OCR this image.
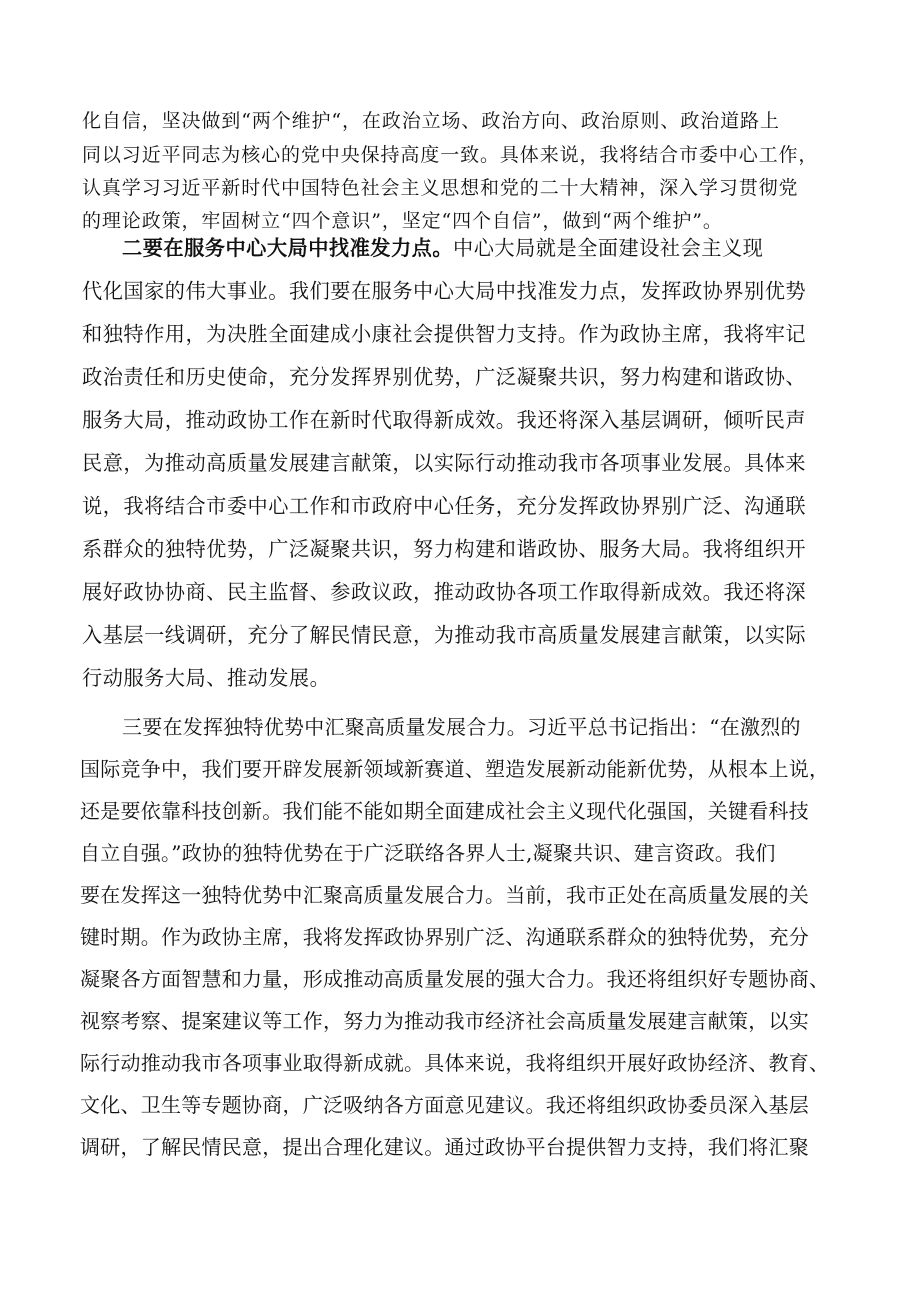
化自信，坚决做到“两个维护“，在政治立场、政治方向、政治原则、政治道路上

同以习近平同志为核心的党中央保持高度一致。具体来说，我将结合市委中心工作，

认真学习习近平新时代中国特色社会主义思想和党的二十大精神，深入学习贯彻党

的理论政策，牢固树立“四个意识”，坚定“四个自信”，做到“两个维护”。

二要在服务中心大局中找准发力点。中心大局就是全面建设社会主义现

代化国家的伟大事业。我们要在服务中心大局中找准发力点，发挥政协界别优势

和独特作用，为决胜全面建成小康社会提供智力支持。作为政协主席，我将牢记

政治责任和历史使命，充分发挥界别优势，广泛凝聚共识，努力构建和谐政协、

服务大局，推动政协工作在新时代取得新成效。我还将深入基层调研，倾听民声

民意，为推动高质量发展建言献策，以实际行动推动我市各项事业发展。具体来

说，我将结合市委中心工作和市政府中心任务，充分发挥政协界别广泛、沟通联

系群众的独特优势，广泛凝聚共识，努力构建和谐政协、服务大局。我将组织开

展好政协协商、民主监督、参政议政，推动政协各项工作取得新成效。我还将深

入基层一线调研，充分了解民情民意，为推动我市高质量发展建言献策，以实际

行动服务大局、推动发展。

三要在发挥独特优势中汇聚高质量发展合力。习近平总书记指出：“在激烈的

国际竞争中，我们要开辟发展新领域新赛道、塑造发展新动能新优势，从根本上说，

还是要依靠科技创新。我们能不能如期全面建成社会主义现代化强国，关键看科技

自立自强。”政协的独特优势在于广泛联络各界人士,凝聚共识、建言资政。我们

要在发挥这一独特优势中汇聚高质量发展合力。当前，我市正处在高质量发展的关

键时期。作为政协主席，我将发挥政协界别广泛、沟通联系群众的独特优势，充分

凝聚各方面智慧和力量，形成推动高质量发展的强大合力。我还将组织好专题协商、

视察考察、提案建议等工作，努力为推动我市经济社会高质量发展建言献策，以实

际行动推动我市各项事业取得新成就。具体来说，我将组织开展好政协经济、教育、

文化、卫生等专题协商，广泛吸纳各方面意见建议。我还将组织政协委员深入基层

调研，了解民情民意，提出合理化建议。通过政协平台提供智力支持，我们将汇聚
